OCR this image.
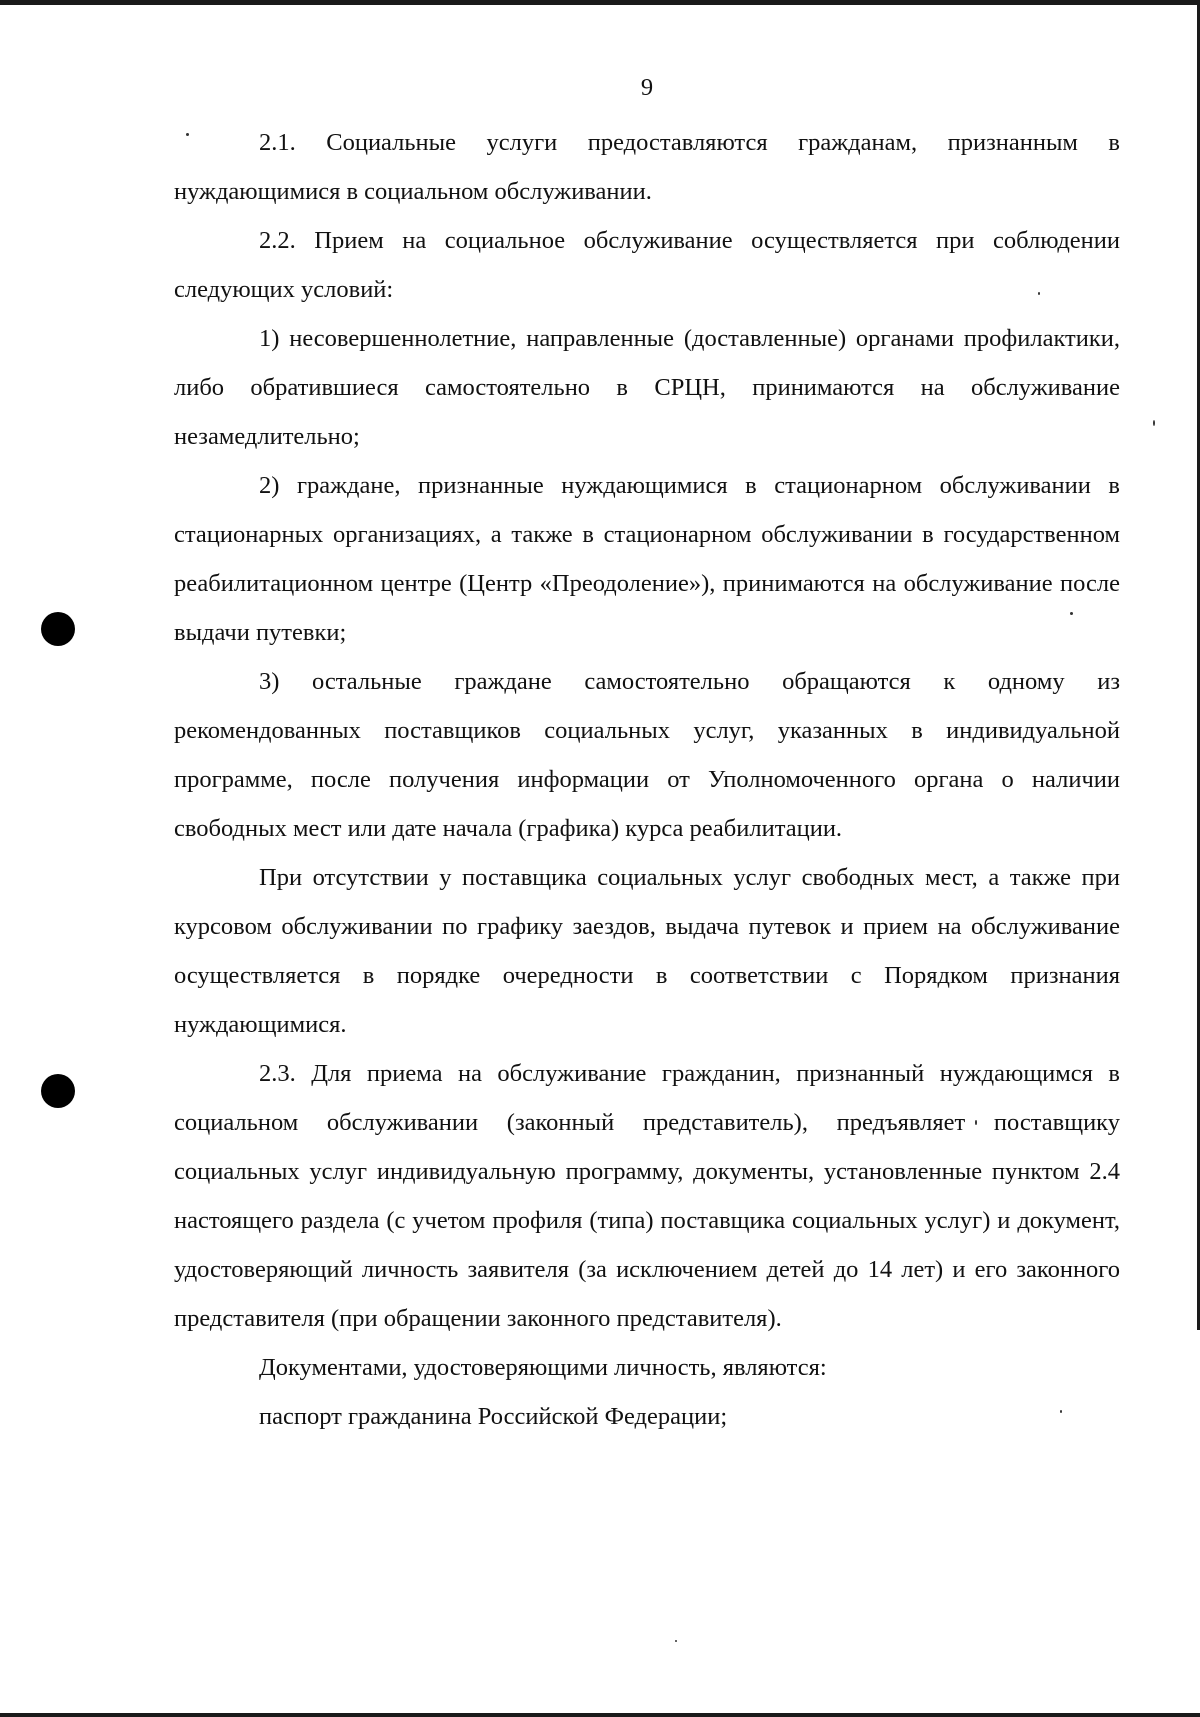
9

2.1. Социальные услуги предоставляются гражданам, признанным в нуждающимися в социальном обслуживании.

2.2. Прием на социальное обслуживание осуществляется при соблюдении следующих условий:

1) несовершеннолетние, направленные (доставленные) органами профилактики, либо обратившиеся самостоятельно в СРЦН, принимаются на обслуживание незамедлительно;

2) граждане, признанные нуждающимися в стационарном обслуживании в стационарных организациях, а также в стационарном обслуживании в государственном реабилитационном центре (Центр «Преодоление»), принимаются на обслуживание после выдачи путевки;

3) остальные граждане самостоятельно обращаются к одному из рекомендованных поставщиков социальных услуг, указанных в индивидуальной программе, после получения информации от Уполномоченного органа о наличии свободных мест или дате начала (графика) курса реабилитации.

При отсутствии у поставщика социальных услуг свободных мест, а также при курсовом обслуживании по графику заездов, выдача путевок и прием на обслуживание осуществляется в порядке очередности в соответствии с Порядком признания нуждающимися.

2.3. Для приема на обслуживание гражданин, признанный нуждающимся в социальном обслуживании (законный представитель), предъявляет поставщику социальных услуг индивидуальную программу, документы, установленные пунктом 2.4 настоящего раздела (с учетом профиля (типа) поставщика социальных услуг) и документ, удостоверяющий личность заявителя (за исключением детей до 14 лет) и его законного представителя (при обращении законного представителя).

Документами, удостоверяющими личность, являются:

паспорт гражданина Российской Федерации;
